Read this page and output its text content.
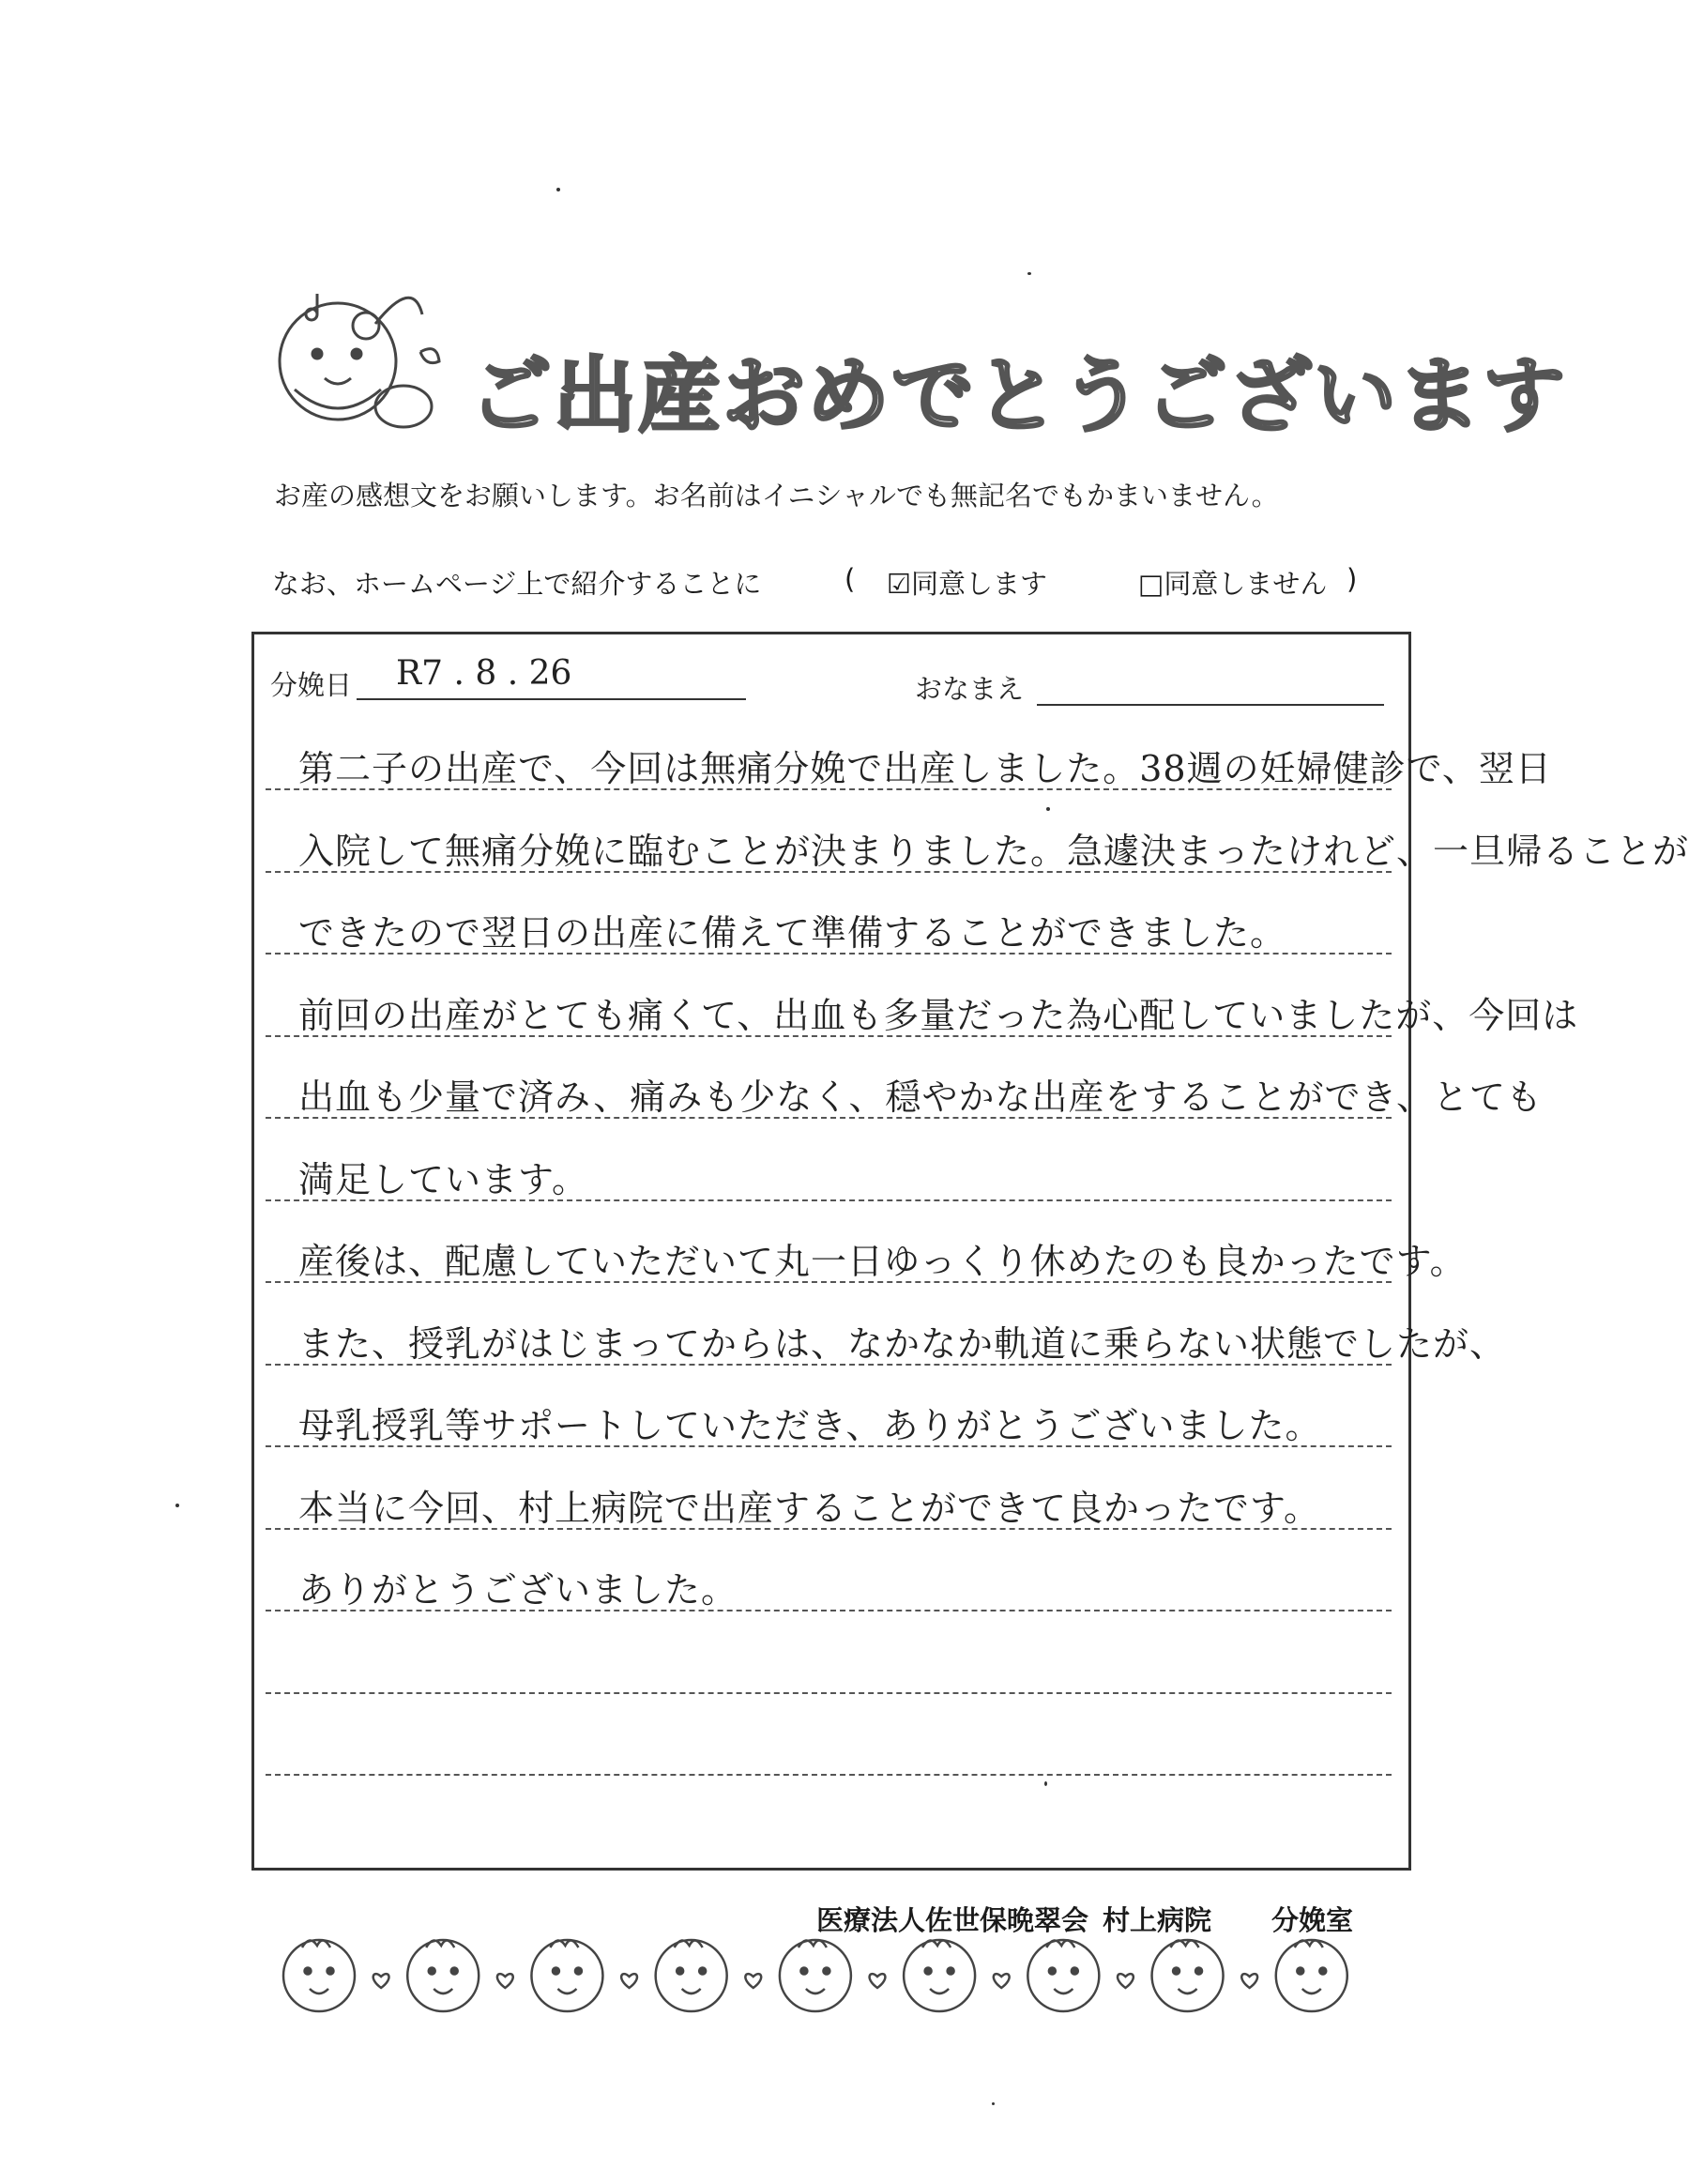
ご出産おめでとうございます
お産の感想文をお願いします。お名前はイニシャルでも無記名でもかまいません。
なお、ホームページ上で紹介することに	( ☑同意します	□同意しません )
分娩日 R7 . 8 . 26	おなまえ
第二子の出産で、今回は無痛分娩で出産しました。38週の妊婦健診で、翌日
入院して無痛分娩に臨むことが決まりました。急遽決まったけれど、一旦帰ることが
できたので翌日の出産に備えて準備することができました。
前回の出産がとても痛くて、出血も多量だった為心配していましたが、今回は
出血も少量で済み、痛みも少なく、穏やかな出産をすることができ、とても
満足しています。
産後は、配慮していただいて丸一日ゆっくり休めたのも良かったです。
また、授乳がはじまってからは、なかなか軌道に乗らない状態でしたが、
母乳授乳等サポートしていただき、ありがとうございました。
本当に今回、村上病院で出産することができて良かったです。
ありがとうございました。
医療法人佐世保晩翠会 村上病院 分娩室
